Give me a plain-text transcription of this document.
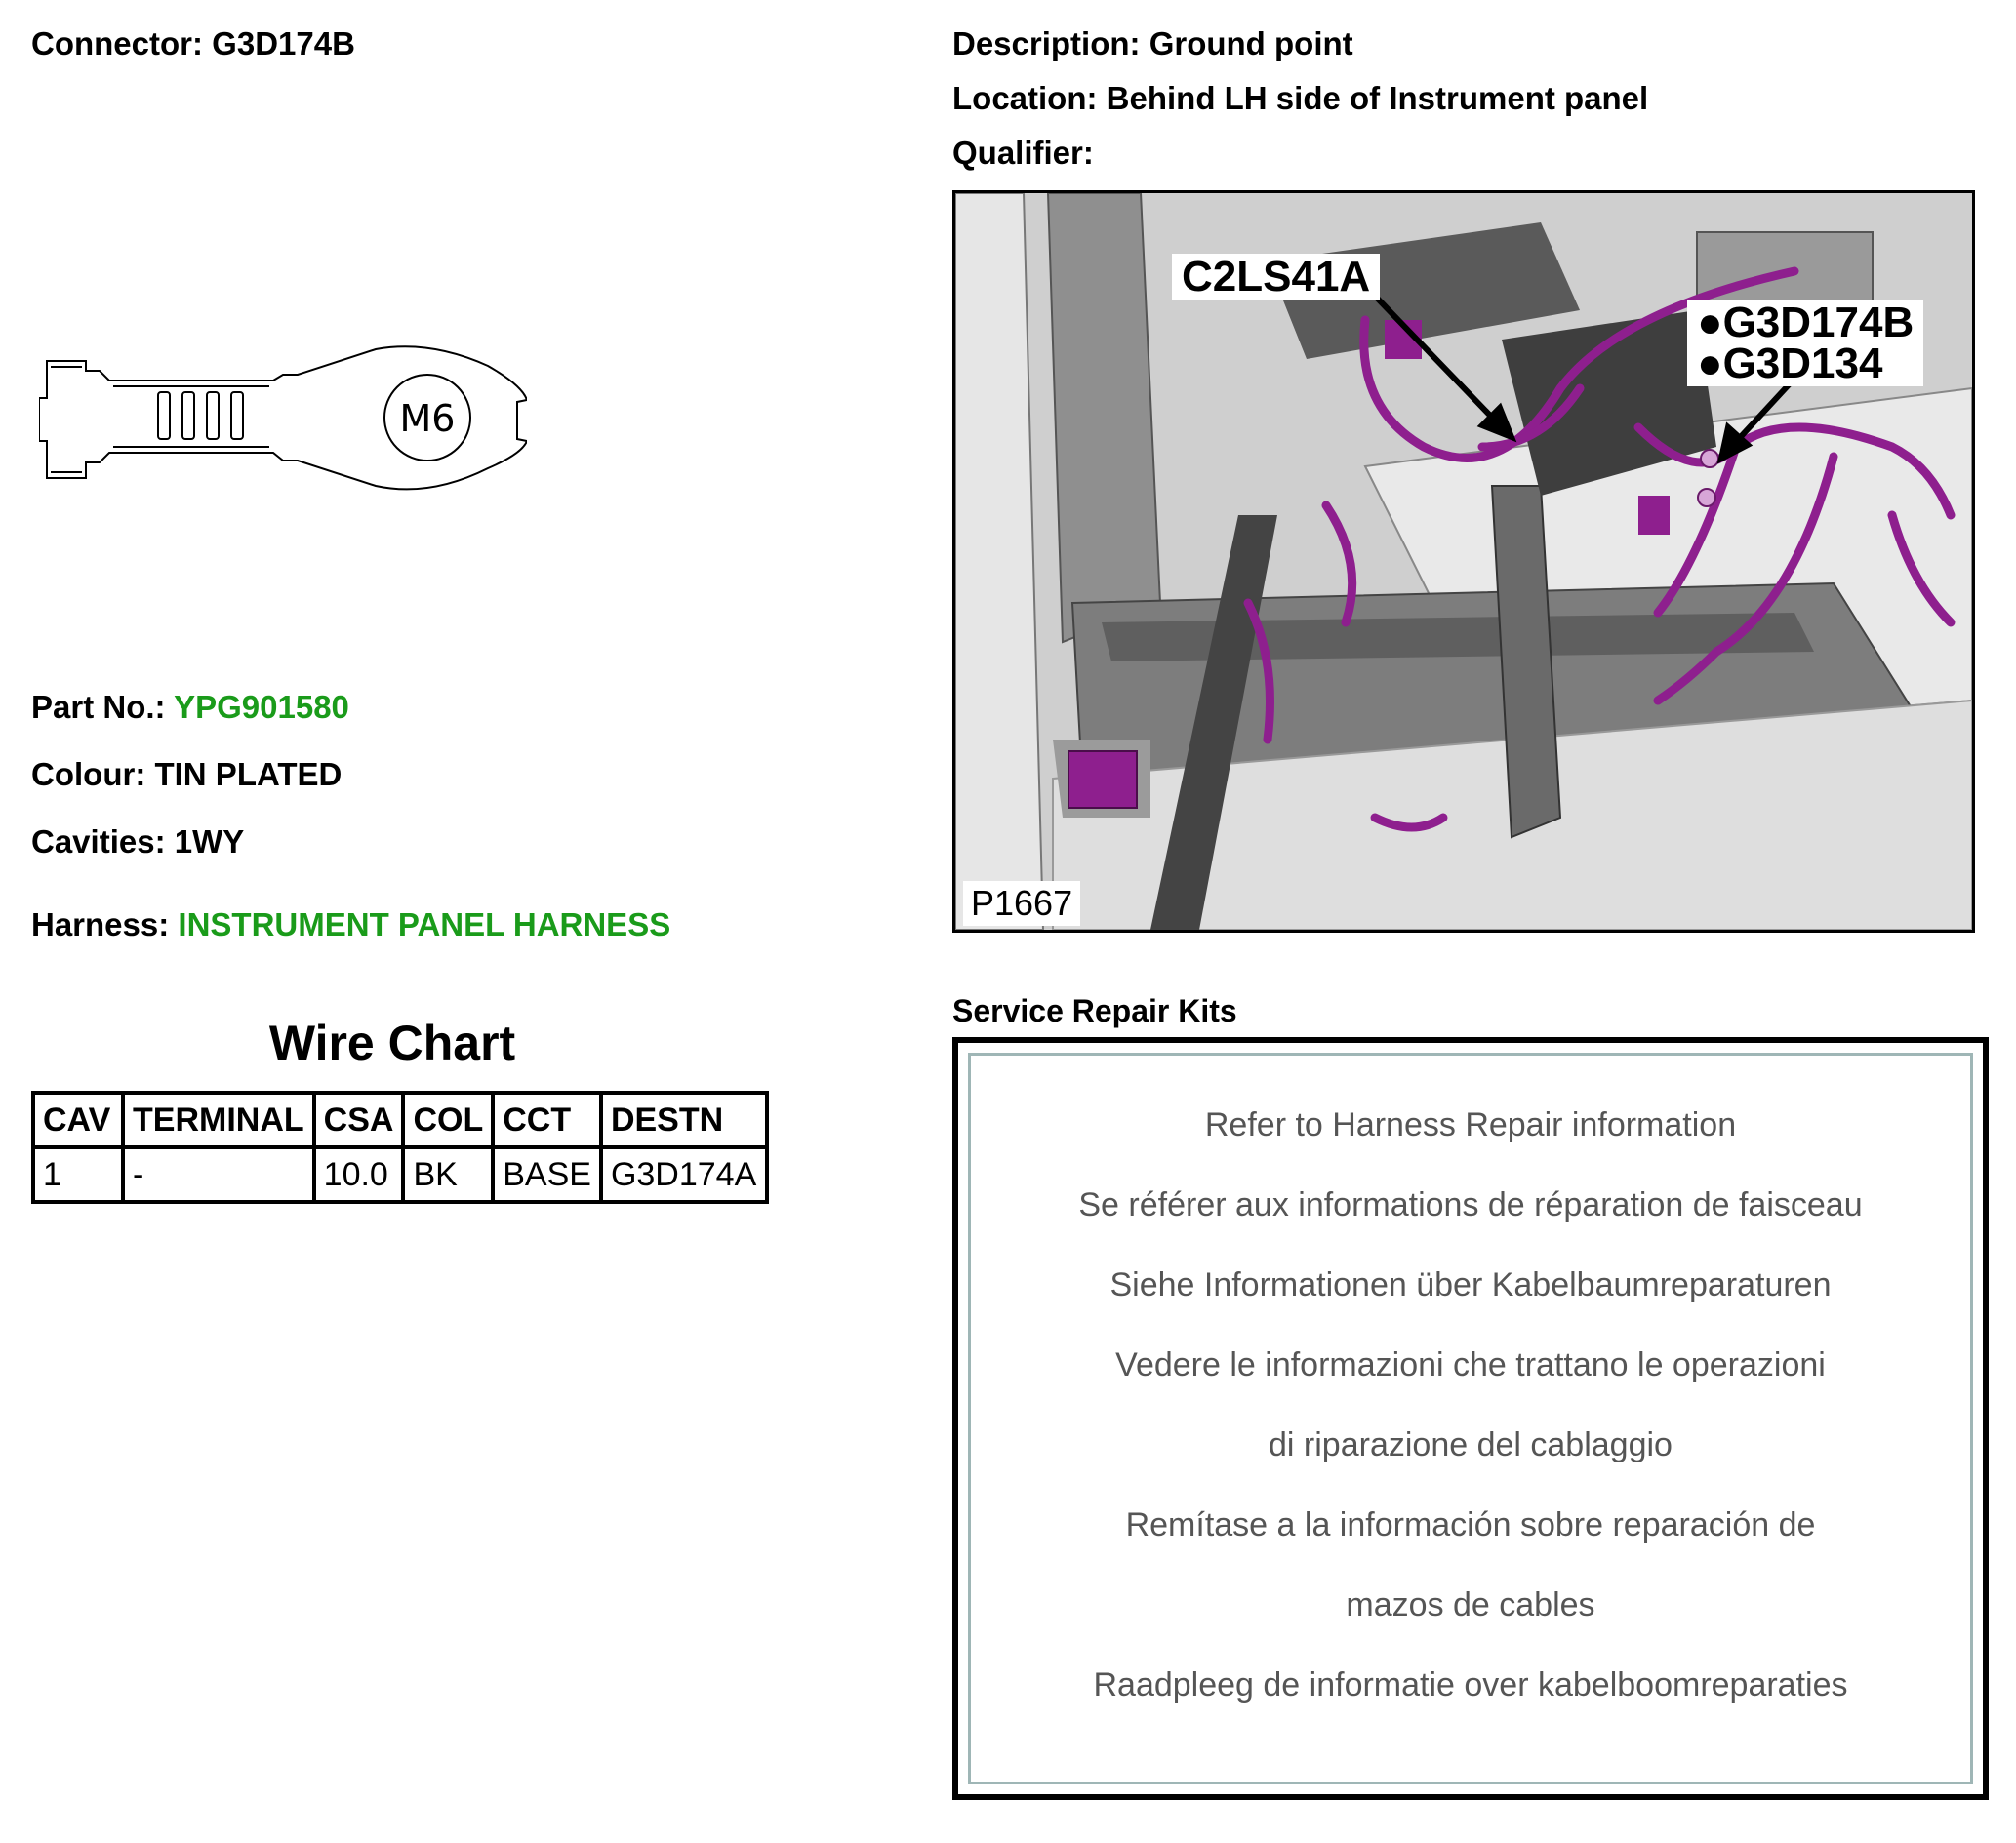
Connector: G3D174B
M6
Part No.: YPG901580
Colour: TIN PLATED
Cavities: 1WY
Harness: INSTRUMENT PANEL HARNESS
Wire Chart
CAV	TERMINAL	CSA	COL	CCT	DESTN
1	-	10.0	BK	BASE	G3D174A
Description: Ground point
Location: Behind LH side of Instrument panel
Qualifier:
C2LS41A
●G3D174B
●G3D134
P1667
Service Repair Kits
Refer to Harness Repair information
Se référer aux informations de réparation de faisceau
Siehe Informationen über Kabelbaumreparaturen
Vedere le informazioni che trattano le operazioni
di riparazione del cablaggio
Remítase a la información sobre reparación de
mazos de cables
Raadpleeg de informatie over kabelboomreparaties
